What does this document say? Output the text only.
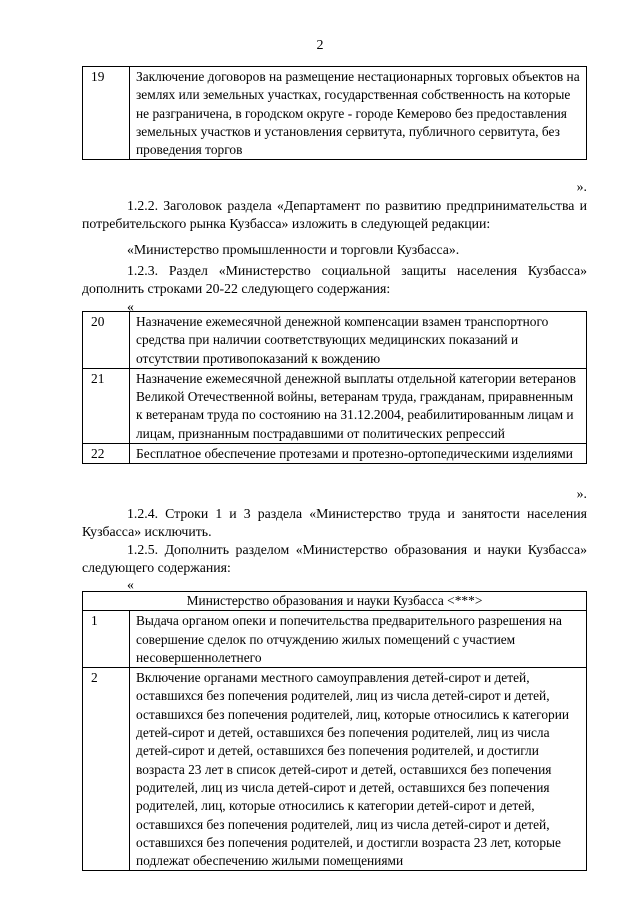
2
19	Заключение договоров на размещение нестационарных торговых объектов на землях или земельных участках, государственная собственность на которые не разграничена, в городском округе - городе Кемерово без предоставления земельных участков и установления сервитута, публичного сервитута, без проведения торгов
».
1.2.2. Заголовок раздела «Департамент по развитию предпринимательства и потребительского рынка Кузбасса» изложить в следующей редакции:
«Министерство промышленности и торговли Кузбасса».
1.2.3. Раздел «Министерство социальной защиты населения Кузбасса» дополнить строками 20-22 следующего содержания:
«
20	Назначение ежемесячной денежной компенсации взамен транспортного средства при наличии соответствующих медицинских показаний и отсутствии противопоказаний к вождению
21	Назначение ежемесячной денежной выплаты отдельной категории ветеранов Великой Отечественной войны, ветеранам труда, гражданам, приравненным к ветеранам труда по состоянию на 31.12.2004, реабилитированным лицам и лицам, признанным пострадавшими от политических репрессий
22	Бесплатное обеспечение протезами и протезно-ортопедическими изделиями
».
1.2.4. Строки 1 и 3 раздела «Министерство труда и занятости населения Кузбасса» исключить.
1.2.5. Дополнить разделом «Министерство образования и науки Кузбасса» следующего содержания:
«
Министерство образования и науки Кузбасса <***>	
1	Выдача органом опеки и попечительства предварительного разрешения на совершение сделок по отчуждению жилых помещений с участием несовершеннолетнего
2	Включение органами местного самоуправления детей-сирот и детей, оставшихся без попечения родителей, лиц из числа детей-сирот и детей, оставшихся без попечения родителей, лиц, которые относились к категории детей-сирот и детей, оставшихся без попечения родителей, лиц из числа детей-сирот и детей, оставшихся без попечения родителей, и достигли возраста 23 лет в список детей-сирот и детей, оставшихся без попечения родителей, лиц из числа детей-сирот и детей, оставшихся без попечения родителей, лиц, которые относились к категории детей-сирот и детей, оставшихся без попечения родителей, лиц из числа детей-сирот и детей, оставшихся без попечения родителей, и достигли возраста 23 лет, которые подлежат обеспечению жилыми помещениями
